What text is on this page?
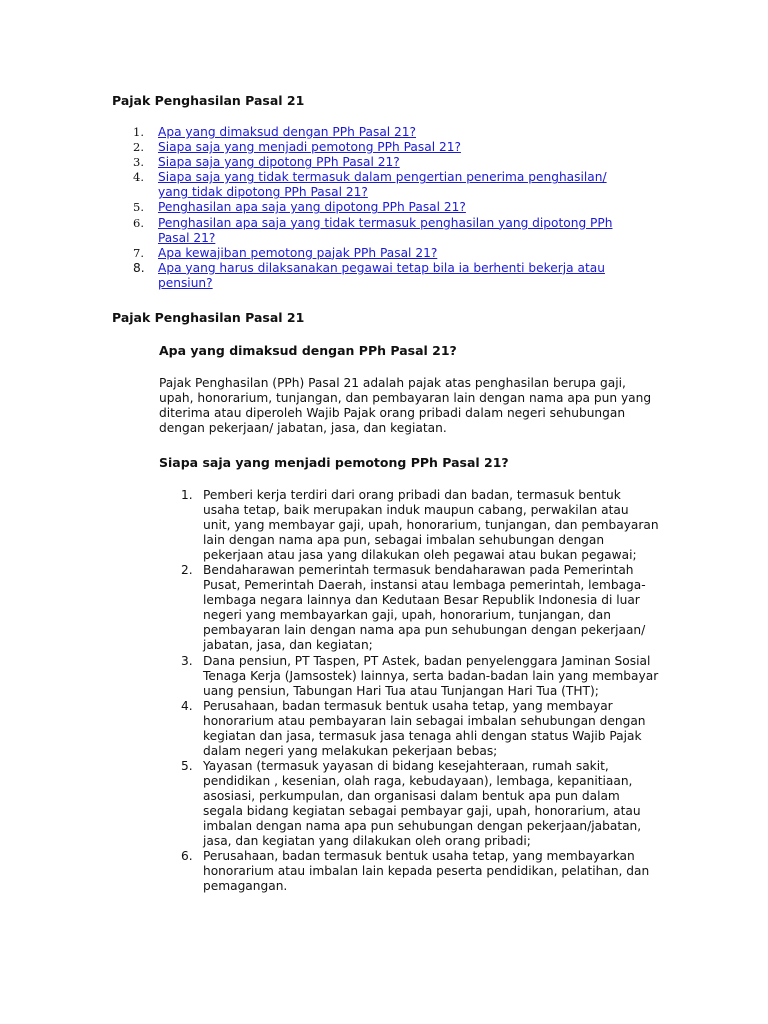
Pajak Penghasilan Pasal 21
1. Apa yang dimaksud dengan PPh Pasal 21?
2. Siapa saja yang menjadi pemotong PPh Pasal 21?
3. Siapa saja yang dipotong PPh Pasal 21?
4. Siapa saja yang tidak termasuk dalam pengertian penerima penghasilan/ yang tidak dipotong PPh Pasal 21?
5. Penghasilan apa saja yang dipotong PPh Pasal 21?
6. Penghasilan apa saja yang tidak termasuk penghasilan yang dipotong PPh Pasal 21?
7. Apa kewajiban pemotong pajak PPh Pasal 21?
8. Apa yang harus dilaksanakan pegawai tetap bila ia berhenti bekerja atau pensiun?
Pajak Penghasilan Pasal 21
Apa yang dimaksud dengan PPh Pasal 21?

Pajak Penghasilan (PPh) Pasal 21 adalah pajak atas penghasilan berupa gaji, upah, honorarium, tunjangan, dan pembayaran lain dengan nama apa pun yang diterima atau diperoleh Wajib Pajak orang pribadi dalam negeri sehubungan dengan pekerjaan/ jabatan, jasa, dan kegiatan.

Siapa saja yang menjadi pemotong PPh Pasal 21?
1. Pemberi kerja terdiri dari orang pribadi dan badan, termasuk bentuk usaha tetap, baik merupakan induk maupun cabang, perwakilan atau unit, yang membayar gaji, upah, honorarium, tunjangan, dan pembayaran lain dengan nama apa pun, sebagai imbalan sehubungan dengan pekerjaan atau jasa yang dilakukan oleh pegawai atau bukan pegawai;
2. Bendaharawan pemerintah termasuk bendaharawan pada Pemerintah Pusat, Pemerintah Daerah, instansi atau lembaga pemerintah, lembaga-lembaga negara lainnya dan Kedutaan Besar Republik Indonesia di luar negeri yang membayarkan gaji, upah, honorarium, tunjangan, dan pembayaran lain dengan nama apa pun sehubungan dengan pekerjaan/ jabatan, jasa, dan kegiatan;
3. Dana pensiun, PT Taspen, PT Astek, badan penyelenggara Jaminan Sosial Tenaga Kerja (Jamsostek) lainnya, serta badan-badan lain yang membayar uang pensiun, Tabungan Hari Tua atau Tunjangan Hari Tua (THT);
4. Perusahaan, badan termasuk bentuk usaha tetap, yang membayar honorarium atau pembayaran lain sebagai imbalan sehubungan dengan kegiatan dan jasa, termasuk jasa tenaga ahli dengan status Wajib Pajak dalam negeri yang melakukan pekerjaan bebas;
5. Yayasan (termasuk yayasan di bidang kesejahteraan, rumah sakit, pendidikan , kesenian, olah raga, kebudayaan), lembaga, kepanitiaan, asosiasi, perkumpulan, dan organisasi dalam bentuk apa pun dalam segala bidang kegiatan sebagai pembayar gaji, upah, honorarium, atau imbalan dengan nama apa pun sehubungan dengan pekerjaan/jabatan, jasa, dan kegiatan yang dilakukan oleh orang pribadi;
6. Perusahaan, badan termasuk bentuk usaha tetap, yang membayarkan honorarium atau imbalan lain kepada peserta pendidikan, pelatihan, dan pemagangan.
